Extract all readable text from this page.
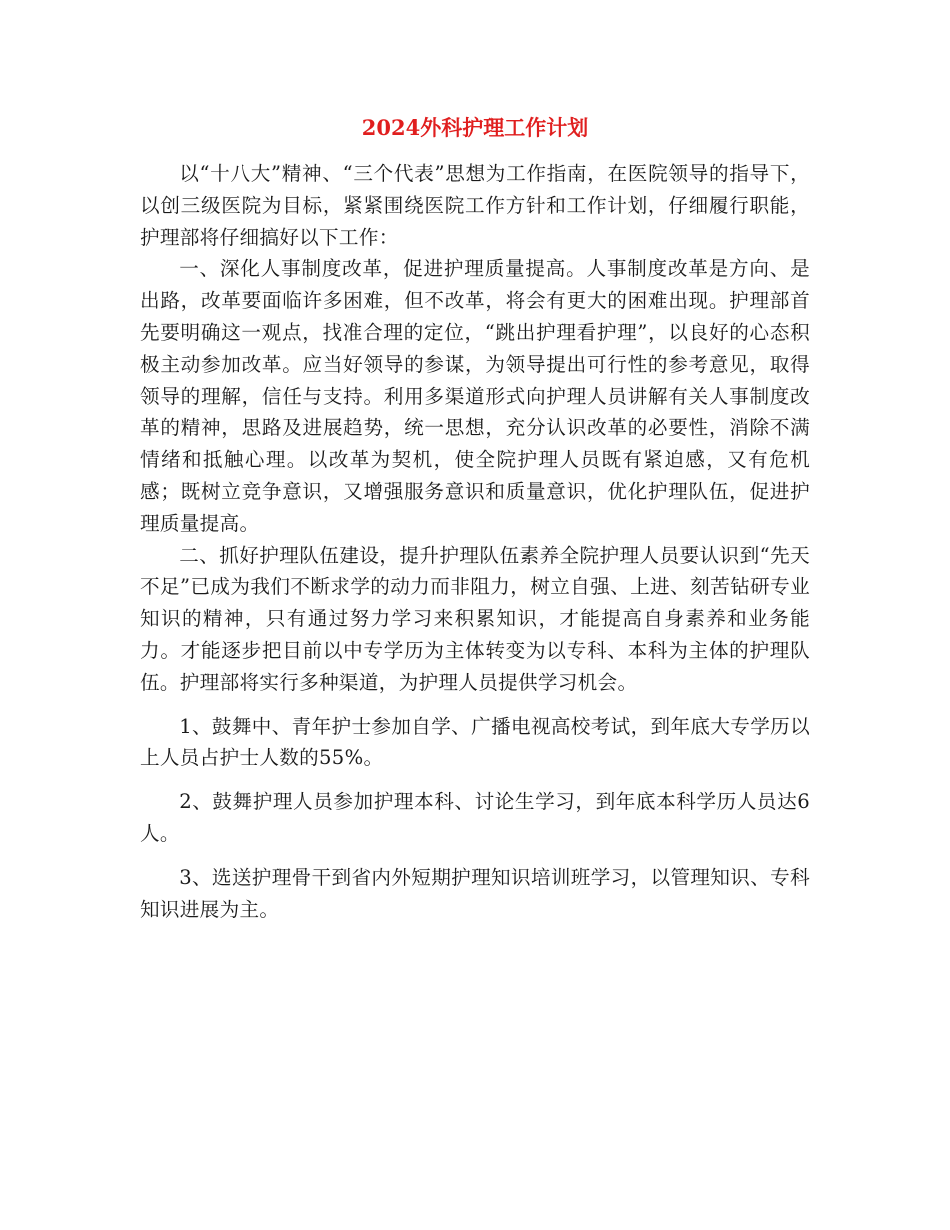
2024外科护理工作计划

以“十八大”精神、“三个代表”思想为工作指南，在医院领导的指导下，以创三级医院为目标，紧紧围绕医院工作方针和工作计划，仔细履行职能，护理部将仔细搞好以下工作：

一、深化人事制度改革，促进护理质量提高。人事制度改革是方向、是出路，改革要面临许多困难，但不改革，将会有更大的困难出现。护理部首先要明确这一观点，找准合理的定位，“跳出护理看护理”，以良好的心态积极主动参加改革。应当好领导的参谋，为领导提出可行性的参考意见，取得领导的理解，信任与支持。利用多渠道形式向护理人员讲解有关人事制度改革的精神，思路及进展趋势，统一思想，充分认识改革的必要性，消除不满情绪和抵触心理。以改革为契机，使全院护理人员既有紧迫感，又有危机感；既树立竞争意识，又增强服务意识和质量意识，优化护理队伍，促进护理质量提高。

二、抓好护理队伍建设，提升护理队伍素养全院护理人员要认识到“先天不足”已成为我们不断求学的动力而非阻力，树立自强、上进、刻苦钻研专业知识的精神，只有通过努力学习来积累知识，才能提高自身素养和业务能力。才能逐步把目前以中专学历为主体转变为以专科、本科为主体的护理队伍。护理部将实行多种渠道，为护理人员提供学习机会。

1、鼓舞中、青年护士参加自学、广播电视高校考试，到年底大专学历以上人员占护士人数的55%。

2、鼓舞护理人员参加护理本科、讨论生学习，到年底本科学历人员达6人。

3、选送护理骨干到省内外短期护理知识培训班学习，以管理知识、专科知识进展为主。
